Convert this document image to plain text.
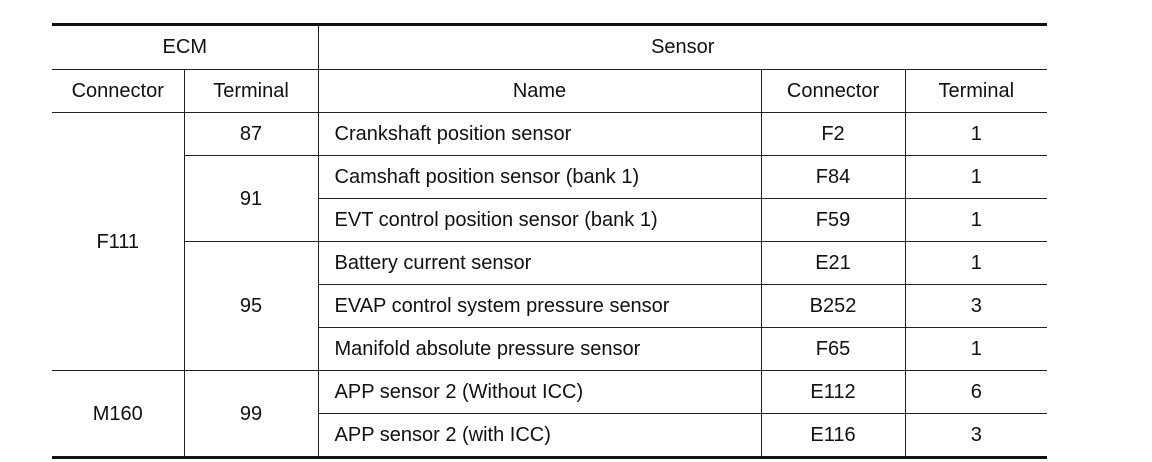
ECM		Sensor		
Connector	Terminal	Name	Connector	Terminal
F111	87	Crankshaft position sensor	F2	1
	91	Camshaft position sensor (bank 1)	F84	1
		EVT control position sensor (bank 1)	F59	1
	95	Battery current sensor	E21	1
		EVAP control system pressure sensor	B252	3
		Manifold absolute pressure sensor	F65	1
M160	99	APP sensor 2 (Without ICC)	E112	6
		APP sensor 2 (with ICC)	E116	3
